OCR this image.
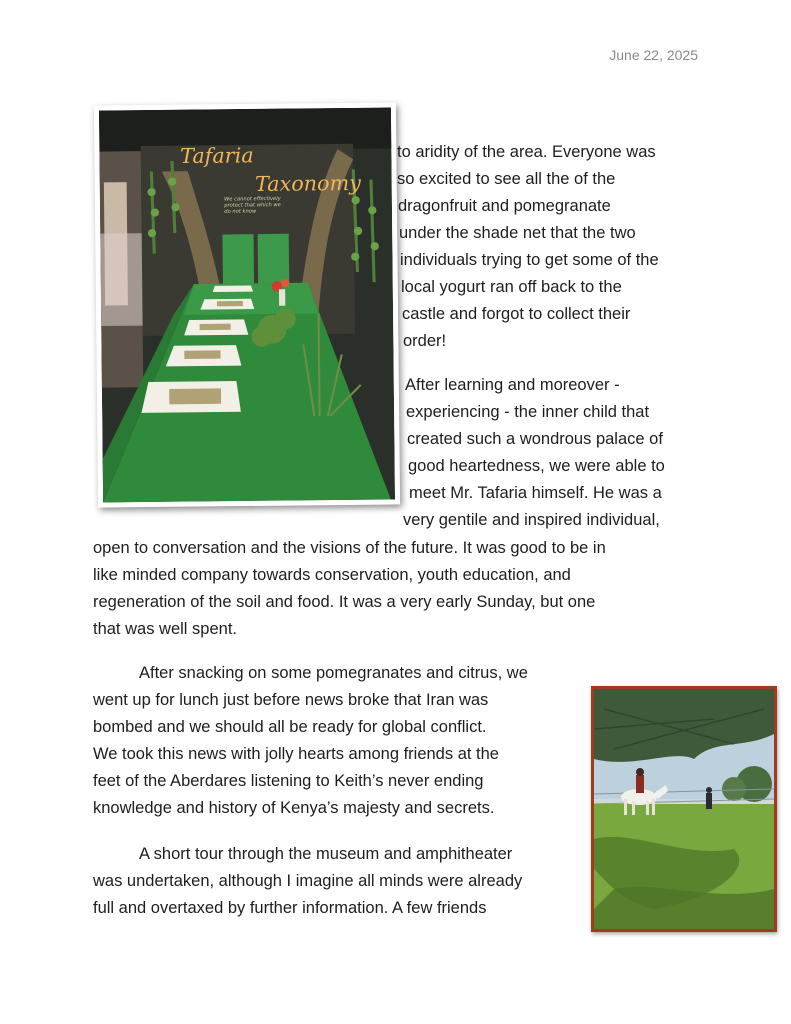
June 22, 2025
Tafaria
Taxonomy
We cannot effectively protect that which we do not know
to aridity of the area. Everyone was
so excited to see all the of the
dragonfruit and pomegranate
under the shade net that the two
individuals trying to get some of the
local yogurt ran off back to the
castle and forgot to collect their
order!
After learning and moreover -
experiencing - the inner child that
created such a wondrous palace of
good heartedness, we were able to
meet Mr. Tafaria himself. He was a
very gentile and inspired individual,
open to conversation and the visions of the future. It was good to be in
like minded company towards conservation, youth education, and
regeneration of the soil and food. It was a very early Sunday, but one
that was well spent.
After snacking on some pomegranates and citrus, we
went up for lunch just before news broke that Iran was
bombed and we should all be ready for global conflict.
We took this news with jolly hearts among friends at the
feet of the Aberdares listening to Keith’s never ending
knowledge and history of Kenya’s majesty and secrets.
A short tour through the museum and amphitheater
was undertaken, although I imagine all minds were already
full and overtaxed by further information. A few friends
